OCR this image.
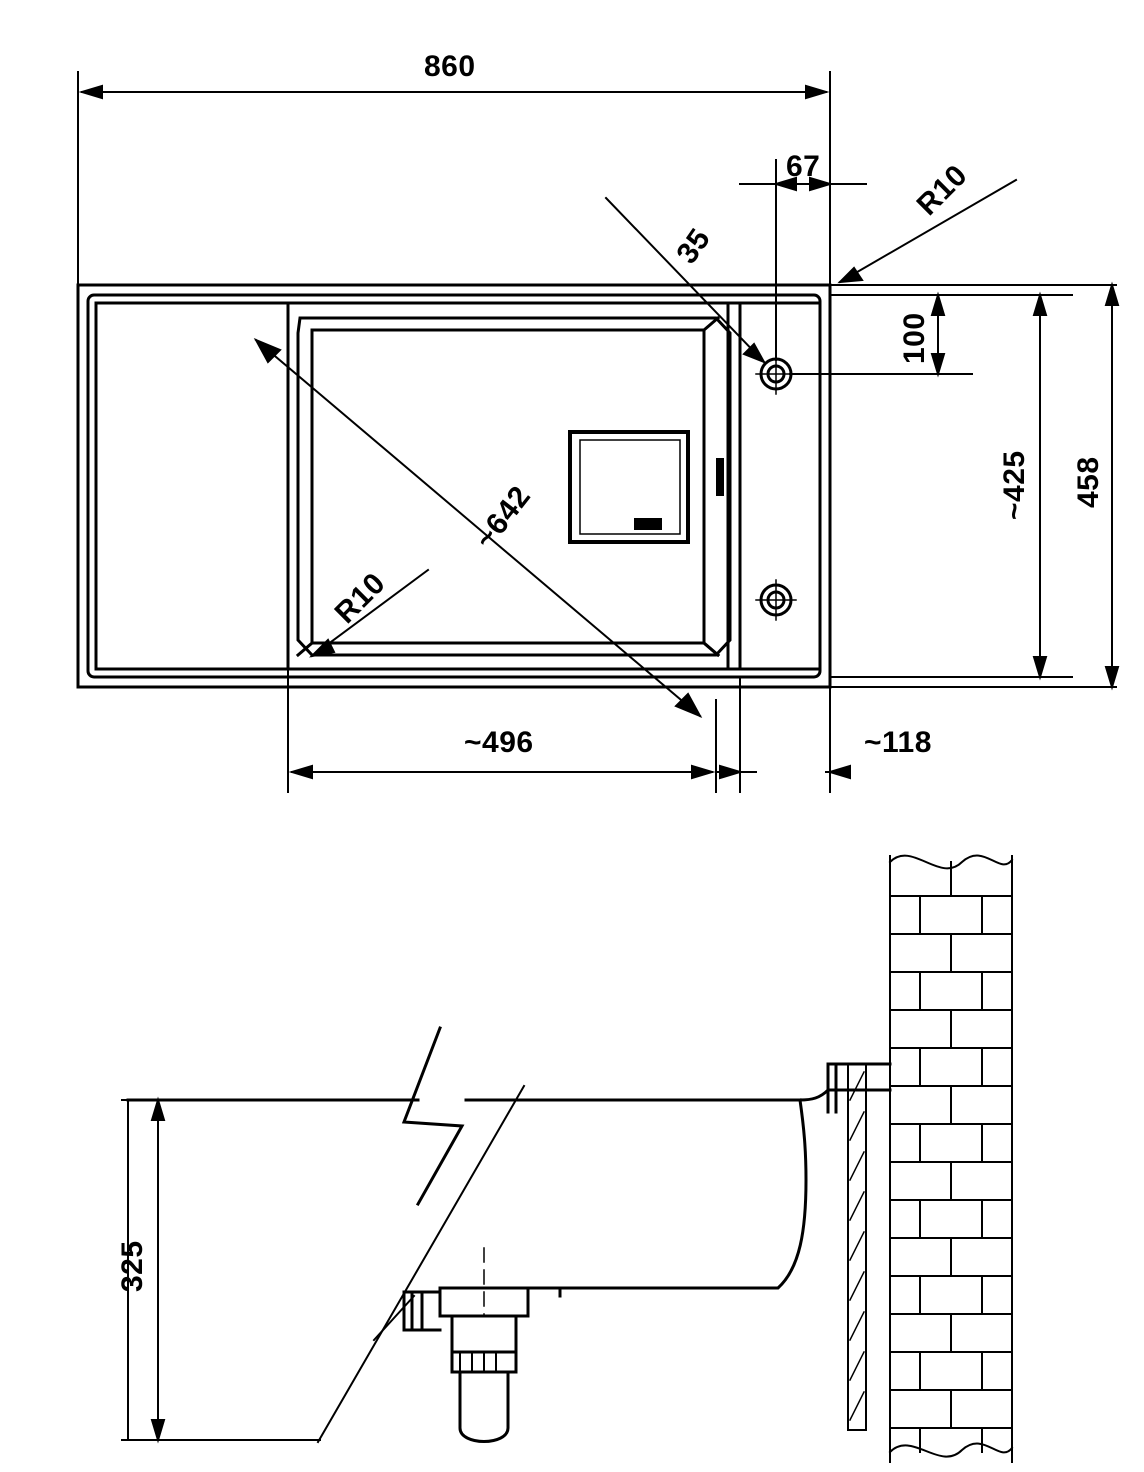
860
67	R10
35
100
~425 458
~642
R10
~496	~118
325
